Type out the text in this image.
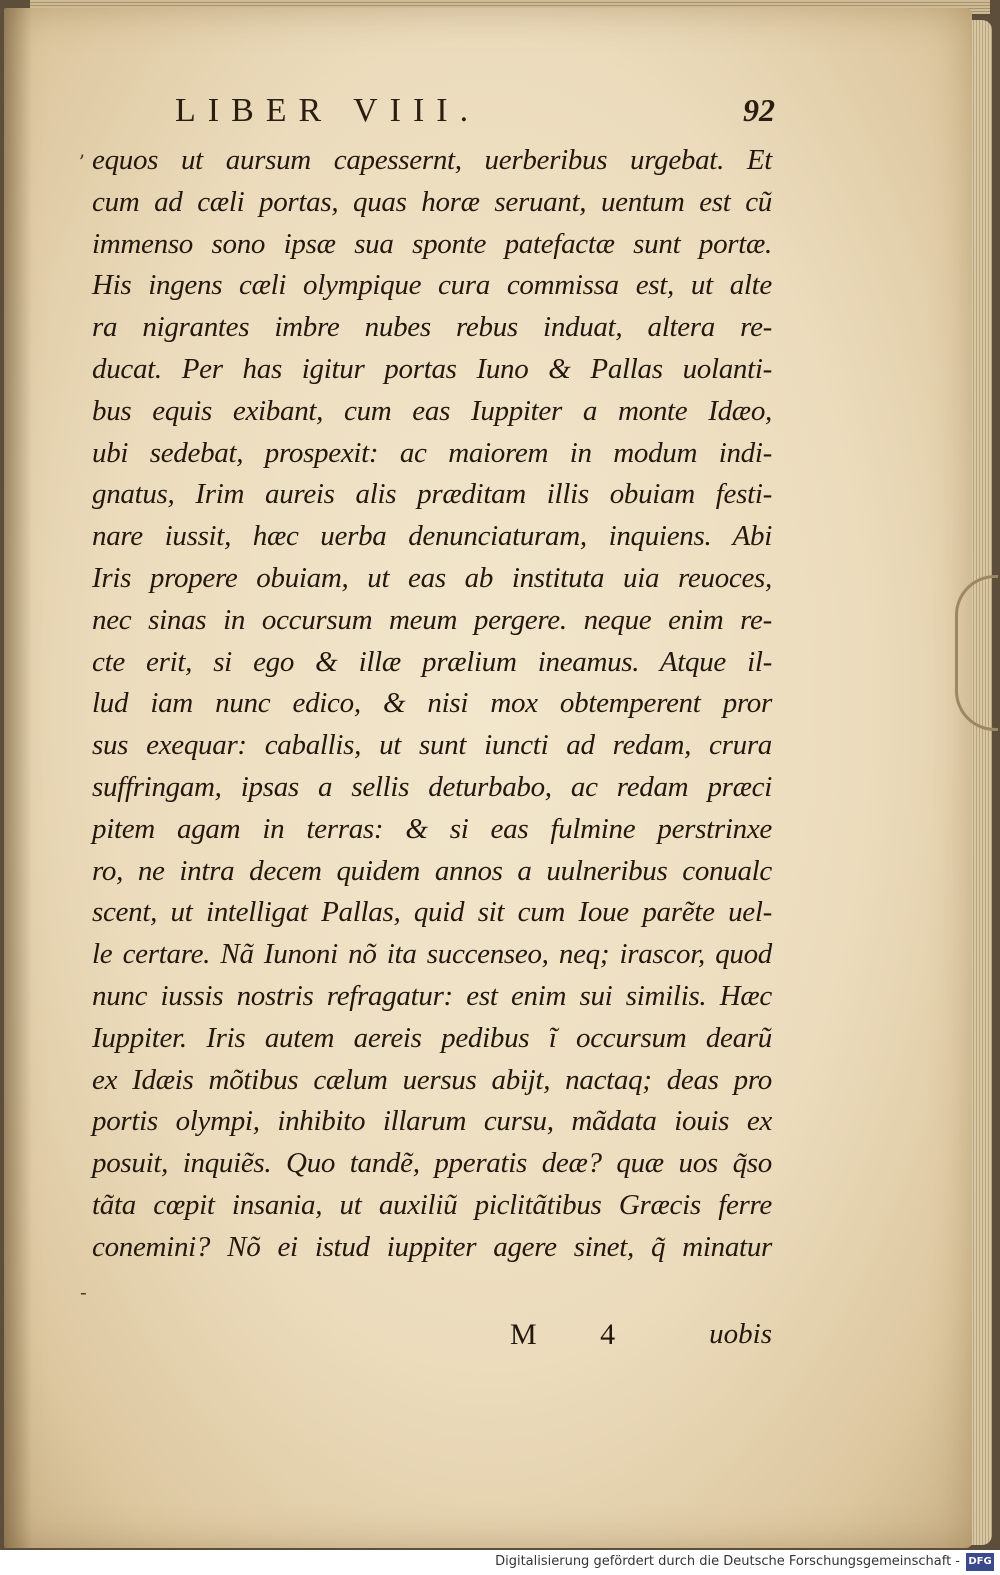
LIBER VIII.	92
ʼ
-
equos ut aursum capessernt, uerberibus urgebat. Et
cum ad cæli portas, quas horæ seruant, uentum est cũ
immenso sono ipsæ sua sponte patefactæ sunt portæ.
His ingens cæli olympique cura commissa est, ut alte
ra nigrantes imbre nubes rebus induat, altera re-
ducat. Per has igitur portas Iuno & Pallas uolanti-
bus equis exibant, cum eas Iuppiter a monte Idæo,
ubi sedebat, prospexit: ac maiorem in modum indi-
gnatus, Irim aureis alis præditam illis obuiam festi-
nare iussit, hæc uerba denunciaturam, inquiens. Abi
Iris propere obuiam, ut eas ab instituta uia reuoces,
nec sinas in occursum meum pergere. neque enim re-
cte erit, si ego & illæ prælium ineamus. Atque il-
lud iam nunc edico, & nisi mox obtemperent pror
sus exequar: caballis, ut sunt iuncti ad redam, crura
suffringam, ipsas a sellis deturbabo, ac redam præci
pitem agam in terras: & si eas fulmine perstrinxe
ro, ne intra decem quidem annos a uulneribus conualc
scent, ut intelligat Pallas, quid sit cum Ioue parẽte uel-
le certare. Nã Iunoni nõ ita succenseo, neq; irascor, quod
nunc iussis nostris refragatur: est enim sui similis. Hæc
Iuppiter. Iris autem aereis pedibus ĩ occursum dearũ
ex Idæis mõtibus cælum uersus abijt, nactaq; deas pro
portis olympi, inhibito illarum cursu, mãdata iouis ex
posuit, inquiẽs. Quo tandẽ, pperatis deæ? quæ uos q̃so
tãta cœpit insania, ut auxiliũ piclitãtibus Græcis ferre
conemini? Nõ ei istud iuppiter agere sinet, q̃ minatur
M 4 uobis
Digitalisierung gefördert durch die Deutsche Forschungsgemeinschaft - DFG
